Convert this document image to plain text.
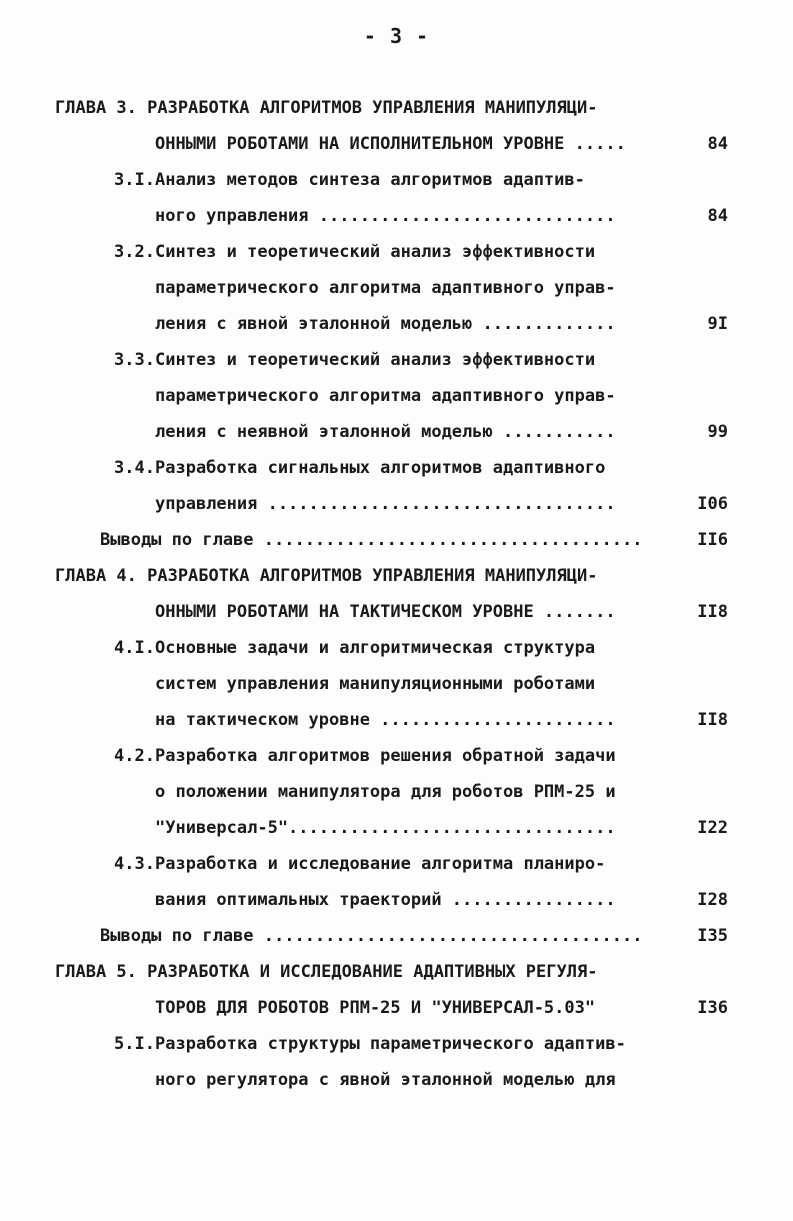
- 3 -
ГЛАВА 3. РАЗРАБОТКА АЛГОРИТМОВ УПРАВЛЕНИЯ МАНИПУЛЯЦИ-
ОННЫМИ РОБОТАМИ НА ИСПОЛНИТЕЛЬНОМ УРОВНЕ .....	84
3.I. Анализ методов синтеза алгоритмов адаптив-
ного управления .............................	84
3.2. Синтез и теоретический анализ эффективности
параметрического алгоритма адаптивного управ-
ления с явной эталонной моделью .............	9I
3.3. Синтез и теоретический анализ эффективности
параметрического алгоритма адаптивного управ-
ления с неявной эталонной моделью ...........	99
3.4. Разработка сигнальных алгоритмов адаптивного
управления ..................................	I06
Выводы по главе .....................................	II6
ГЛАВА 4. РАЗРАБОТКА АЛГОРИТМОВ УПРАВЛЕНИЯ МАНИПУЛЯЦИ-
ОННЫМИ РОБОТАМИ НА ТАКТИЧЕСКОМ УРОВНЕ .......	II8
4.I. Основные задачи и алгоритмическая структура
систем управления манипуляционными роботами
на тактическом уровне .......................	II8
4.2. Разработка алгоритмов решения обратной задачи
о положении манипулятора для роботов РПМ-25 и
"Универсал-5"................................	I22
4.3. Разработка и исследование алгоритма планиро-
вания оптимальных траекторий ................	I28
Выводы по главе .....................................	I35
ГЛАВА 5. РАЗРАБОТКА И ИССЛЕДОВАНИЕ АДАПТИВНЫХ РЕГУЛЯ-
ТОРОВ ДЛЯ РОБОТОВ РПМ-25 И "УНИВЕРСАЛ-5.03"	I36
5.I. Разработка структуры параметрического адаптив-
ного регулятора с явной эталонной моделью для
